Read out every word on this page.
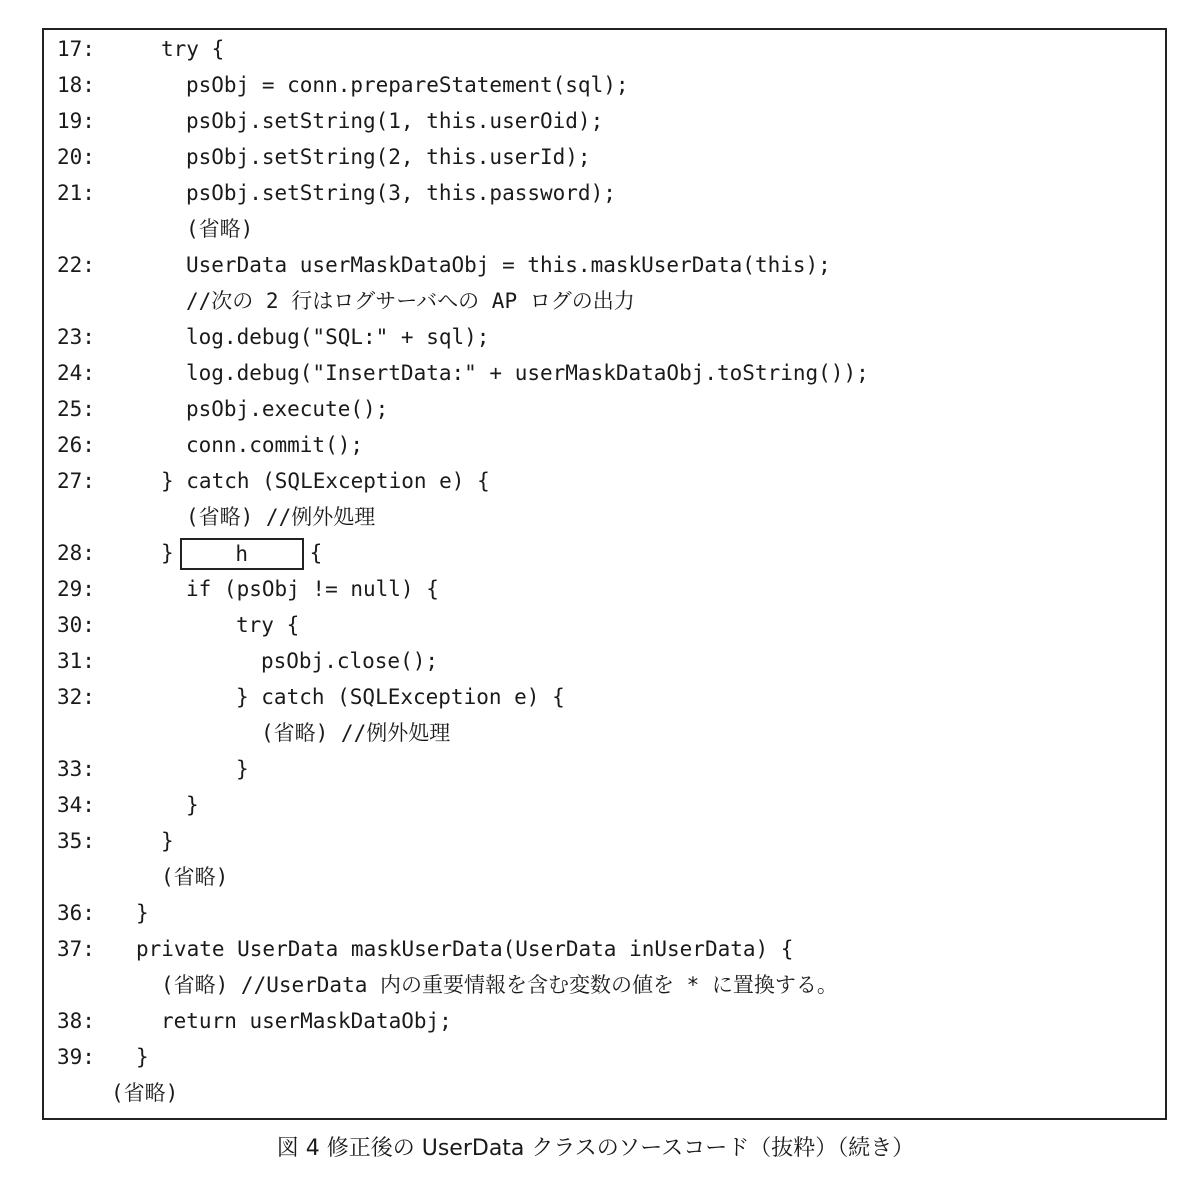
17:	try {
18:	psObj = conn.prepareStatement(sql);
19:	psObj.setString(1, this.userOid);
20:	psObj.setString(2, this.userId);
21:	psObj.setString(3, this.password);
(省略)
22:	UserData userMaskDataObj = this.maskUserData(this);
//次の 2 行はログサーバへの AP ログの出力
23:	log.debug("SQL:" + sql);
24:	log.debug("InsertData:" + userMaskDataObj.toString());
25:	psObj.execute();
26:	conn.commit();
27:	} catch (SQLException e) {
(省略) //例外処理
28:	}	h	{
29:	if (psObj != null) {
30:	try {
31:	psObj.close();
32:	} catch (SQLException e) {
(省略) //例外処理
33:	}
34:	}
35:	}
(省略)
36: }
37: private UserData maskUserData(UserData inUserData) {
(省略) //UserData 内の重要情報を含む変数の値を * に置換する。
38:	return userMaskDataObj;
39: }
(省略)
図 4 修正後の UserData クラスのソースコード（抜粋）（続き）
